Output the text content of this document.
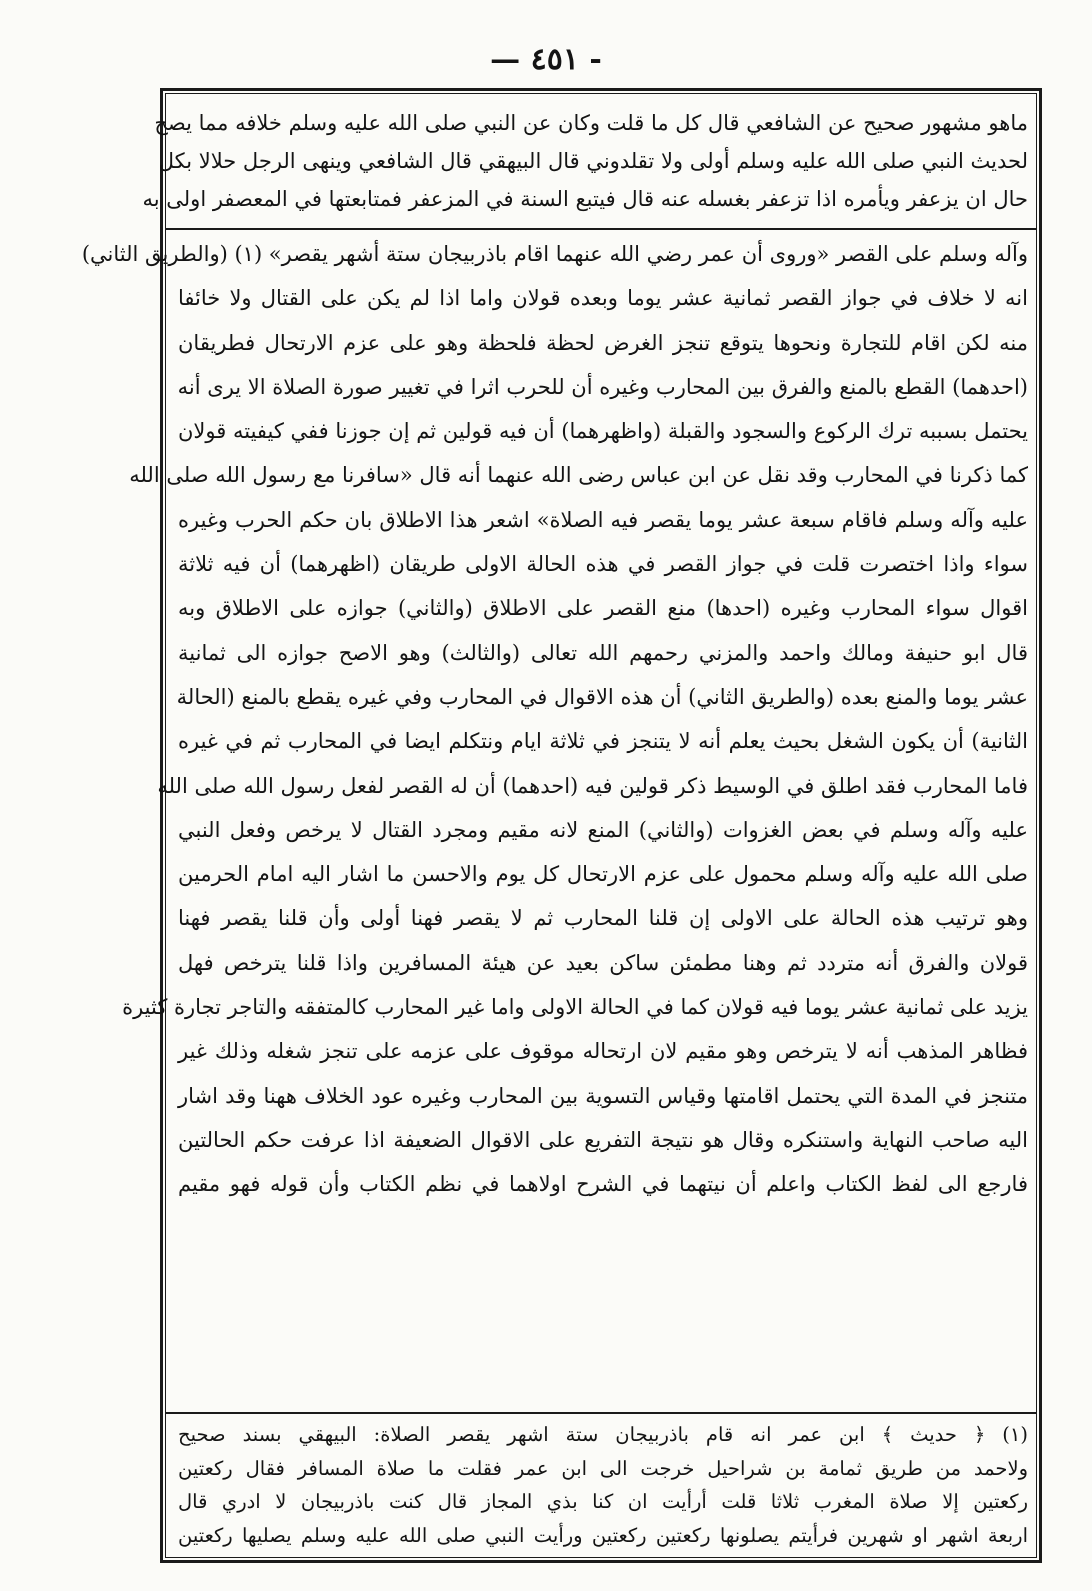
— ٤٥١ -
ماهو مشهور صحيح عن الشافعي قال كل ما قلت وكان عن النبي صلى الله عليه وسلم خلافه مما يصح
لحديث النبي صلى الله عليه وسلم أولى ولا تقلدوني قال البيهقي قال الشافعي وينهى الرجل حلالا بكل
حال ان يزعفر ويأمره اذا تزعفر بغسله عنه قال فيتبع السنة في المزعفر فمتابعتها في المعصفر اولى به
وآله وسلم على القصر «وروى أن عمر رضي الله عنهما اقام باذربيجان ستة أشهر يقصر» (١) (والطريق الثاني)
انه لا خلاف في جواز القصر ثمانية عشر يوما وبعده قولان واما اذا لم يكن على القتال ولا خائفا
منه لكن اقام للتجارة ونحوها يتوقع تنجز الغرض لحظة فلحظة وهو على عزم الارتحال فطريقان
(احدهما) القطع بالمنع والفرق بين المحارب وغيره أن للحرب اثرا في تغيير صورة الصلاة الا يرى أنه
يحتمل بسببه ترك الركوع والسجود والقبلة (واظهرهما) أن فيه قولين ثم إن جوزنا ففي كيفيته قولان
كما ذكرنا في المحارب وقد نقل عن ابن عباس رضى الله عنهما أنه قال «سافرنا مع رسول الله صلى الله
عليه وآله وسلم فاقام سبعة عشر يوما يقصر فيه الصلاة» اشعر هذا الاطلاق بان حكم الحرب وغيره
سواء واذا اختصرت قلت في جواز القصر في هذه الحالة الاولى طريقان (اظهرهما) أن فيه ثلاثة
اقوال سواء المحارب وغيره (احدها) منع القصر على الاطلاق (والثاني) جوازه على الاطلاق وبه
قال ابو حنيفة ومالك واحمد والمزني رحمهم الله تعالى (والثالث) وهو الاصح جوازه الى ثمانية
عشر يوما والمنع بعده (والطريق الثاني) أن هذه الاقوال في المحارب وفي غيره يقطع بالمنع (الحالة
الثانية) أن يكون الشغل بحيث يعلم أنه لا يتنجز في ثلاثة ايام ونتكلم ايضا في المحارب ثم في غيره
فاما المحارب فقد اطلق في الوسيط ذكر قولين فيه (احدهما) أن له القصر لفعل رسول الله صلى الله
عليه وآله وسلم في بعض الغزوات (والثاني) المنع لانه مقيم ومجرد القتال لا يرخص وفعل النبي
صلى الله عليه وآله وسلم محمول على عزم الارتحال كل يوم والاحسن ما اشار اليه امام الحرمين
وهو ترتيب هذه الحالة على الاولى إن قلنا المحارب ثم لا يقصر فهنا أولى وأن قلنا يقصر فهنا
قولان والفرق أنه متردد ثم وهنا مطمئن ساكن بعيد عن هيئة المسافرين واذا قلنا يترخص فهل
يزيد على ثمانية عشر يوما فيه قولان كما في الحالة الاولى واما غير المحارب كالمتفقه والتاجر تجارة كثيرة
فظاهر المذهب أنه لا يترخص وهو مقيم لان ارتحاله موقوف على عزمه على تنجز شغله وذلك غير
متنجز في المدة التي يحتمل اقامتها وقياس التسوية بين المحارب وغيره عود الخلاف ههنا وقد اشار
اليه صاحب النهاية واستنكره وقال هو نتيجة التفريع على الاقوال الضعيفة اذا عرفت حكم الحالتين
فارجع الى لفظ الكتاب واعلم أن نيتهما في الشرح اولاهما في نظم الكتاب وأن قوله فهو مقيم
(١) ﴿ حديث ﴾ ابن عمر انه قام باذربيجان ستة اشهر يقصر الصلاة: البيهقي بسند صحيح
ولاحمد من طريق ثمامة بن شراحيل خرجت الى ابن عمر فقلت ما صلاة المسافر فقال ركعتين
ركعتين إلا صلاة المغرب ثلاثا قلت أرأيت ان كنا بذي المجاز قال كنت باذربيجان لا ادري قال
اربعة اشهر او شهرين فرأيتم يصلونها ركعتين ركعتين ورأيت النبي صلى الله عليه وسلم يصليها ركعتين
